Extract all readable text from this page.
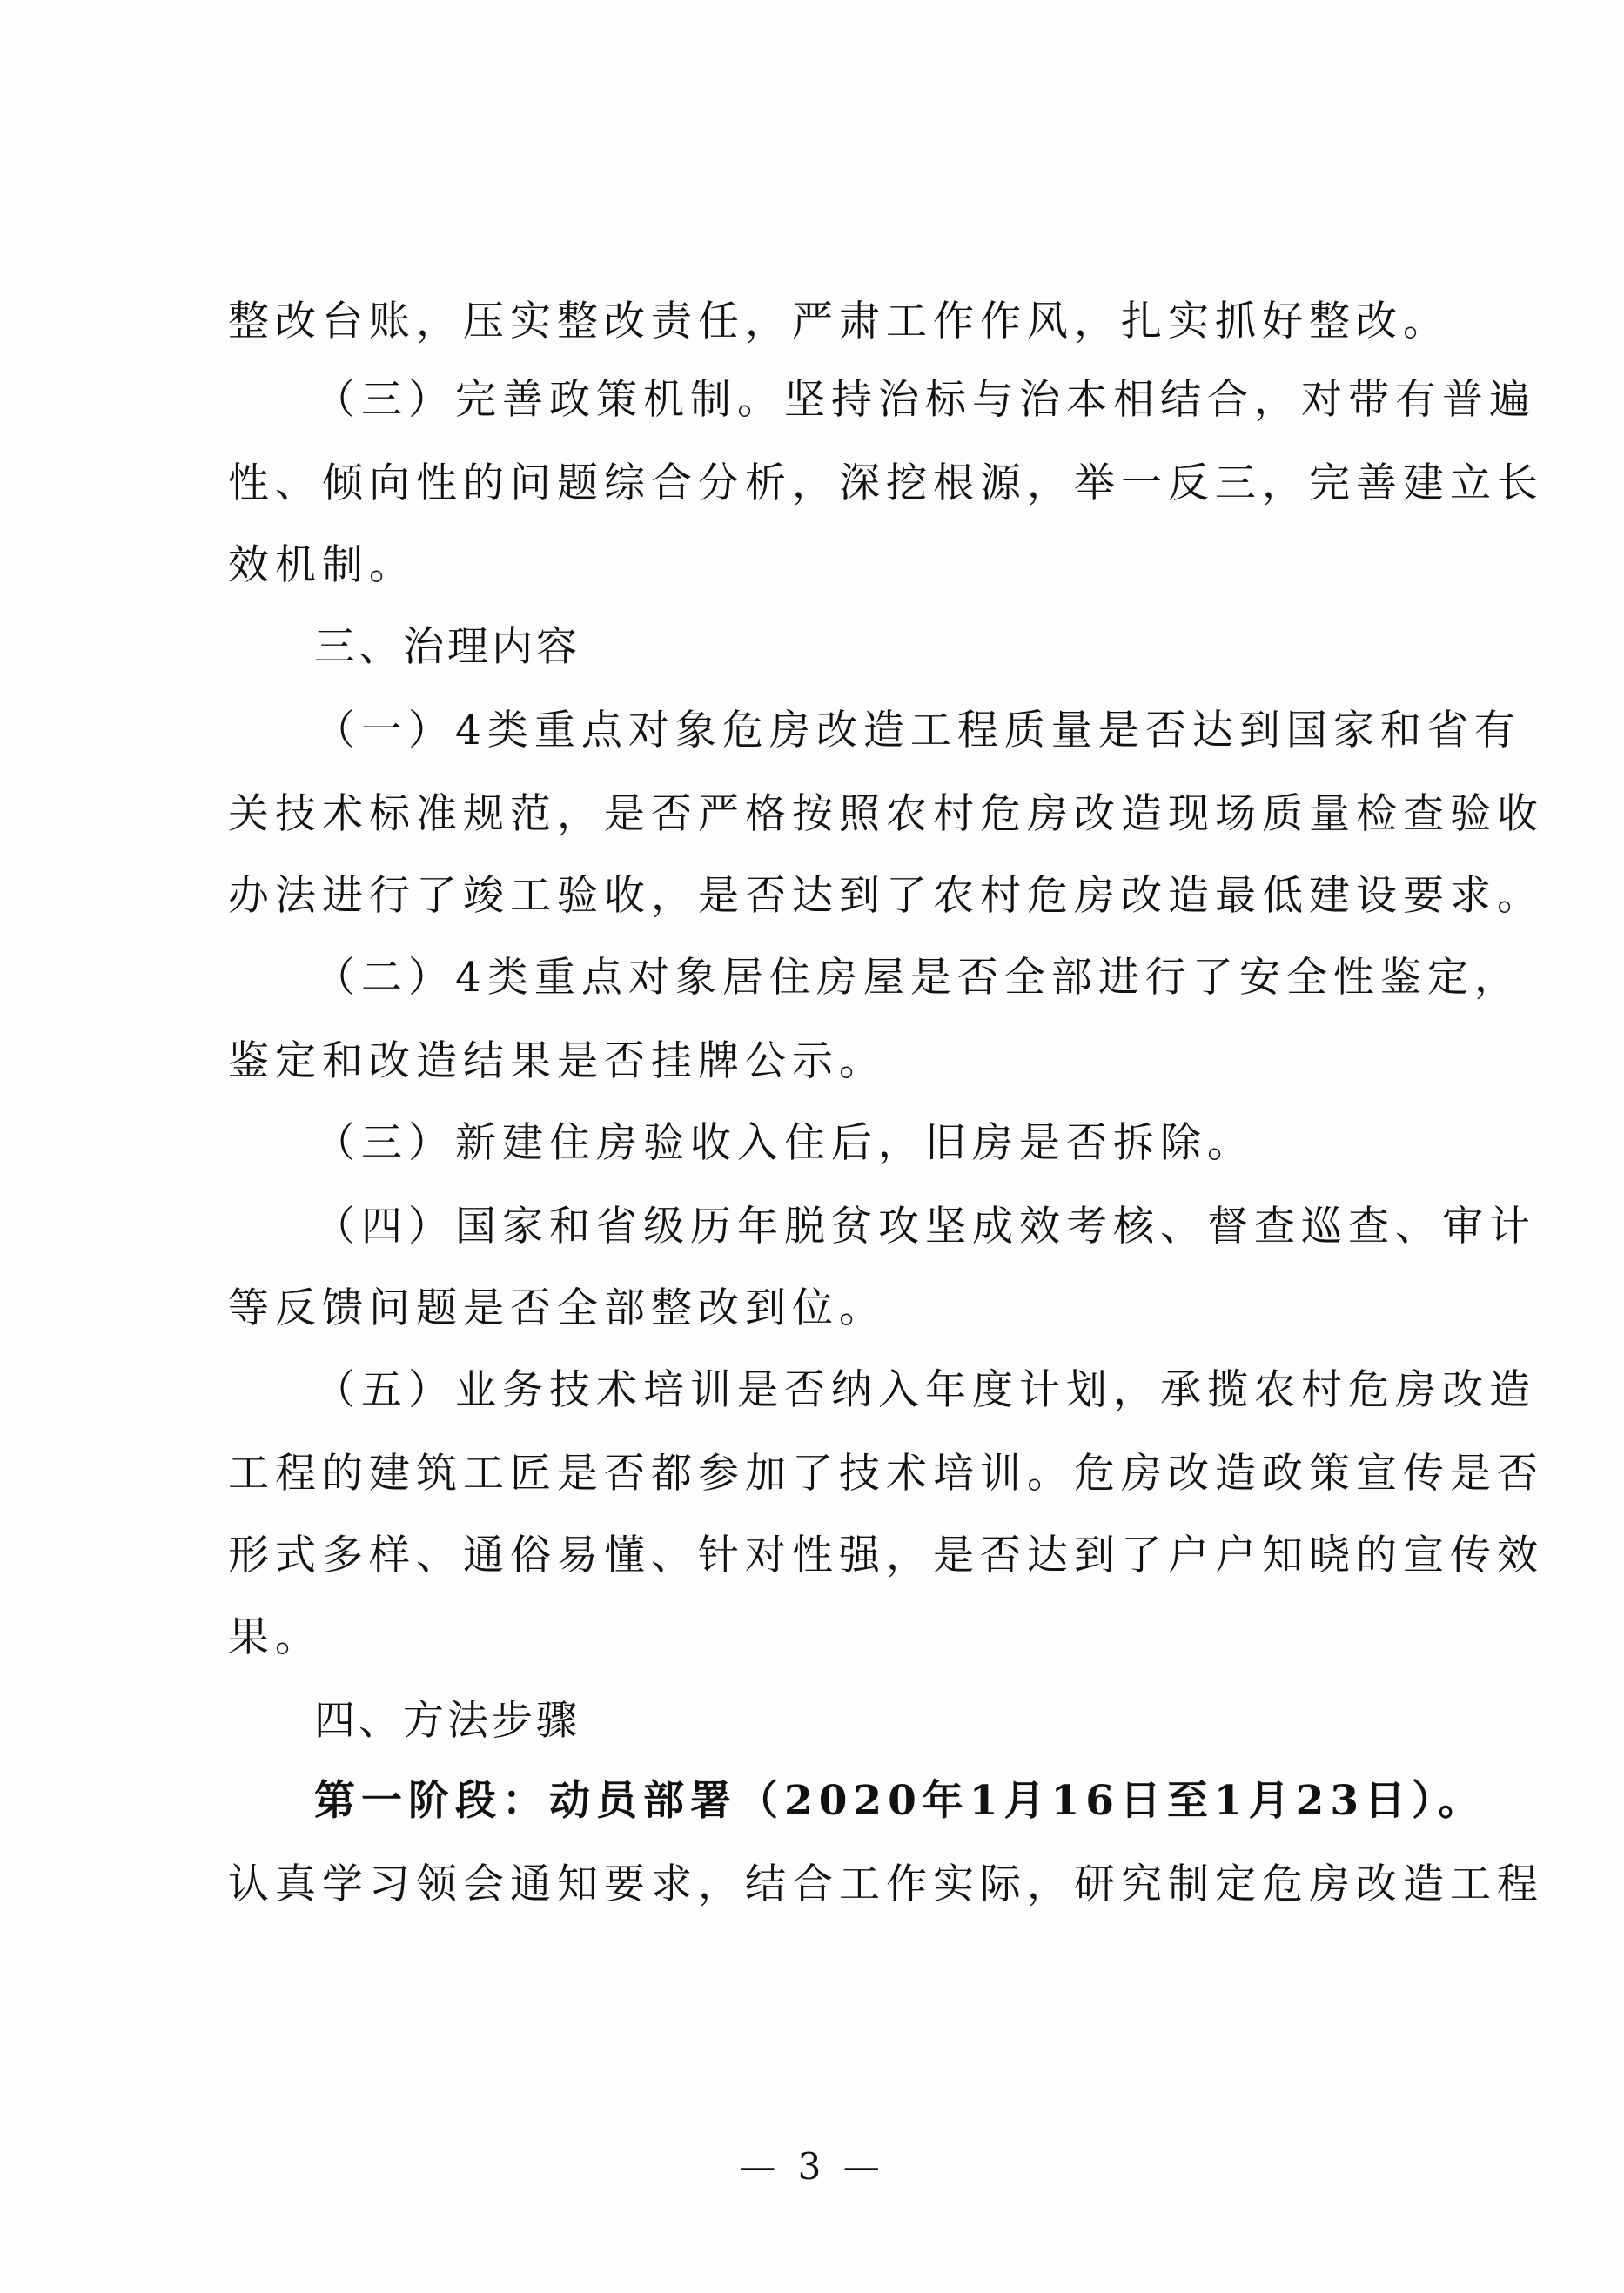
整改台账，压实整改责任，严肃工作作风，扎实抓好整改。
（三）完善政策机制。坚持治标与治本相结合，对带有普遍
性、倾向性的问题综合分析，深挖根源，举一反三，完善建立长
效机制。
三、治理内容
（一）4类重点对象危房改造工程质量是否达到国家和省有
关技术标准规范，是否严格按照农村危房改造现场质量检查验收
办法进行了竣工验收，是否达到了农村危房改造最低建设要求。
（二）4类重点对象居住房屋是否全部进行了安全性鉴定，
鉴定和改造结果是否挂牌公示。
（三）新建住房验收入住后，旧房是否拆除。
（四）国家和省级历年脱贫攻坚成效考核、督查巡查、审计
等反馈问题是否全部整改到位。
（五）业务技术培训是否纳入年度计划，承揽农村危房改造
工程的建筑工匠是否都参加了技术培训。危房改造政策宣传是否
形式多样、通俗易懂、针对性强，是否达到了户户知晓的宣传效
果。
四、方法步骤
第一阶段：动员部署（2020年1月16日至1月23日）。
认真学习领会通知要求，结合工作实际，研究制定危房改造工程
— 3 —
